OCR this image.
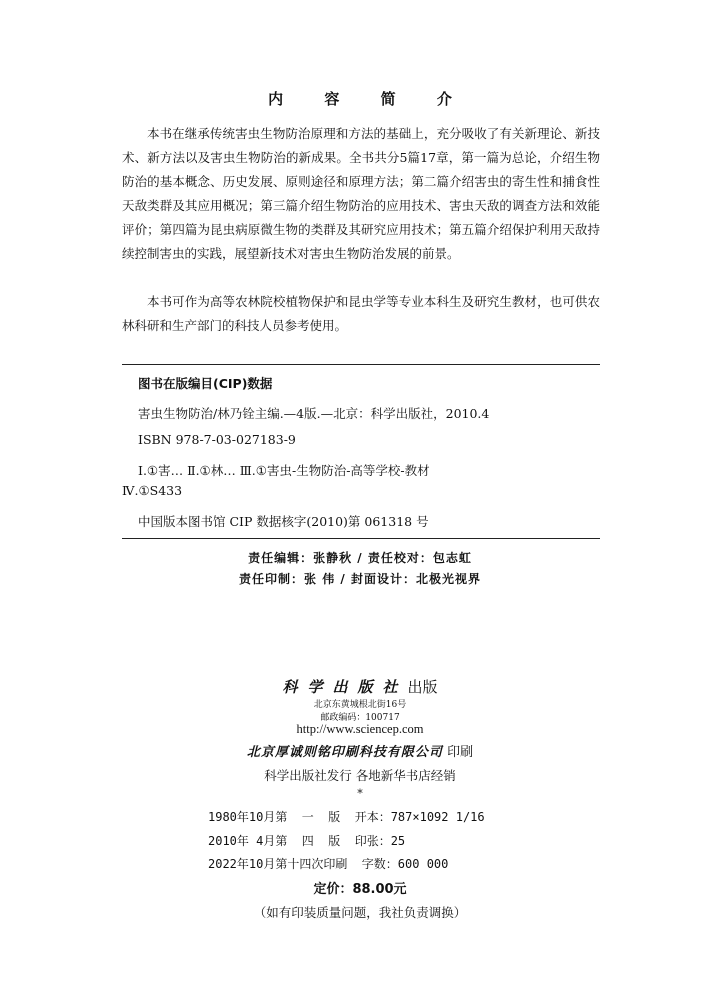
内 容 简 介

本书在继承传统害虫生物防治原理和方法的基础上，充分吸收了有关新理论、新技术、新方法以及害虫生物防治的新成果。全书共分5篇17章，第一篇为总论，介绍生物防治的基本概念、历史发展、原则途径和原理方法；第二篇介绍害虫的寄生性和捕食性天敌类群及其应用概况；第三篇介绍生物防治的应用技术、害虫天敌的调查方法和效能评价；第四篇为昆虫病原微生物的类群及其研究应用技术；第五篇介绍保护利用天敌持续控制害虫的实践，展望新技术对害虫生物防治发展的前景。

本书可作为高等农林院校植物保护和昆虫学等专业本科生及研究生教材，也可供农林科研和生产部门的科技人员参考使用。

图书在版编目(CIP)数据
害虫生物防治/林乃铨主编.—4版.—北京：科学出版社，2010.4
ISBN 978-7-03-027183-9
Ⅰ.①害… Ⅱ.①林… Ⅲ.①害虫-生物防治-高等学校-教材
Ⅳ.①S433
中国版本图书馆 CIP 数据核字(2010)第 061318 号
责任编辑：张静秋 / 责任校对：包志虹
责任印制：张 伟 / 封面设计：北极光视界
科学出版社出版
北京东黄城根北街16号
邮政编码：100717
http://www.sciencep.com
北京厚诚则铭印刷科技有限公司 印刷
科学出版社发行 各地新华书店经销
*
1980年10月第  一  版  开本：787×1092 1/16
2010年 4月第  四  版  印张：25
2022年10月第十四次印刷  字数：600 000
定价：88.00元
（如有印装质量问题，我社负责调换）
